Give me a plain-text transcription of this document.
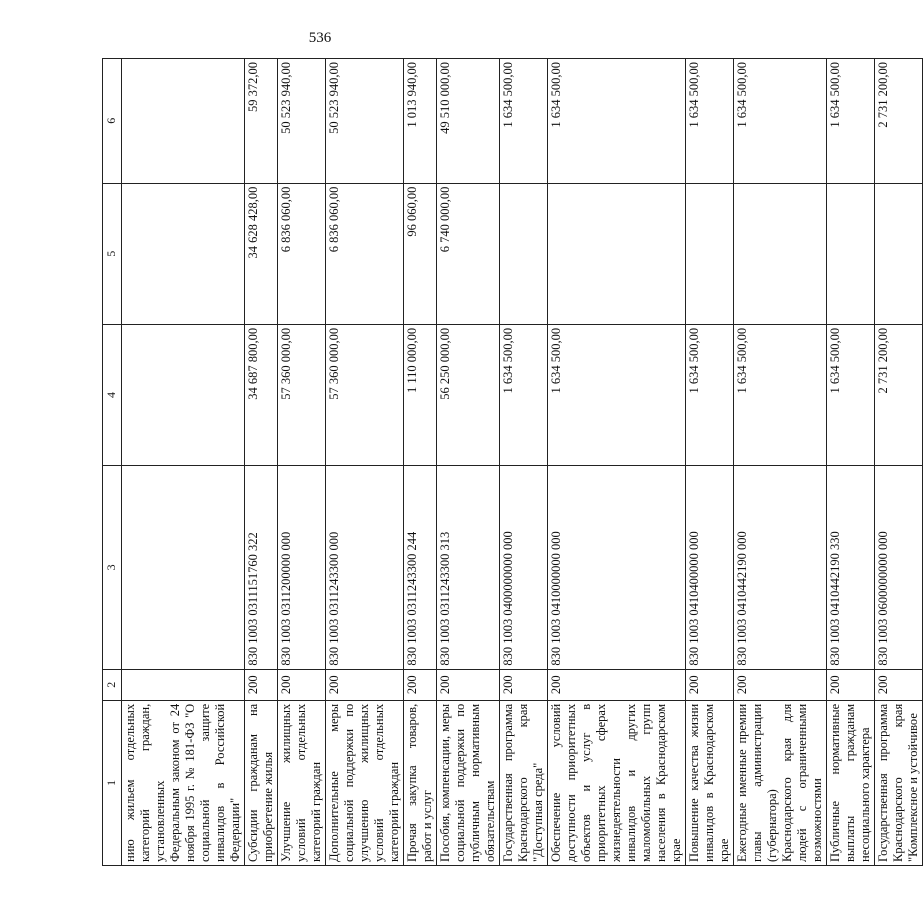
536
1	2	3	4	5	6
нию жильем отдельных категорий граждан, установленных Федеральным законом от 24 ноября 1995 г. № 181-ФЗ "О социальной защите инвалидов в Российской Федерации"					
Субсидии гражданам на приобретение жилья	200	830 1003 0311151760 322	34 687 800,00	34 628 428,00	59 372,00
Улучшение жилищных условий отдельных категорий граждан	200	830 1003 0311200000 000	57 360 000,00	6 836 060,00	50 523 940,00
Дополнительные меры социальной поддержки по улучшению жилищных условий отдельных категорий граждан	200	830 1003 0311243300 000	57 360 000,00	6 836 060,00	50 523 940,00
Прочая закупка товаров, работ и услуг	200	830 1003 0311243300 244	1 110 000,00	96 060,00	1 013 940,00
Пособия, компенсации, меры социальной поддержки по публичным нормативным обязательствам	200	830 1003 0311243300 313	56 250 000,00	6 740 000,00	49 510 000,00
Государственная программа Краснодарского края "Доступная среда"	200	830 1003 0400000000 000	1 634 500,00		1 634 500,00
Обеспечение условий доступности приоритетных объектов и услуг в приоритетных сферах жизнедеятельности инвалидов и других маломобильных групп населения в Краснодарском крае	200	830 1003 0410000000 000	1 634 500,00		1 634 500,00
Повышение качества жизни инвалидов в Краснодарском крае	200	830 1003 0410400000 000	1 634 500,00		1 634 500,00
Ежегодные именные премии главы администрации (губернатора) Краснодарского края для людей с ограниченными возможностями	200	830 1003 0410442190 000	1 634 500,00		1 634 500,00
Публичные нормативные выплаты гражданам несоциального характера	200	830 1003 0410442190 330	1 634 500,00		1 634 500,00
Государственная программа Краснодарского края "Комплексное и устойчивое	200	830 1003 0600000000 000	2 731 200,00		2 731 200,00
